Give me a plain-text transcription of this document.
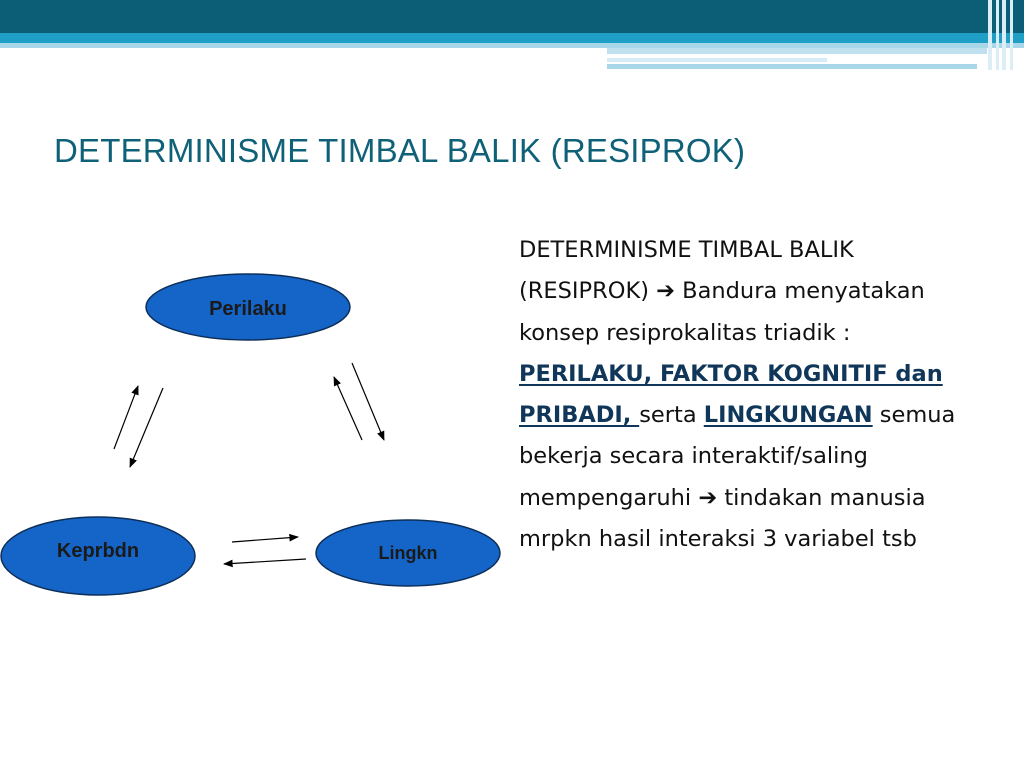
DETERMINISME TIMBAL BALIK (RESIPROK)
Perilaku
Keprbdn	Lingkn
DETERMINISME TIMBAL BALIK (RESIPROK) ➔ Bandura menyatakan konsep resiprokalitas triadik : PERILAKU, FAKTOR KOGNITIF dan PRIBADI, serta LINGKUNGAN semua bekerja secara interaktif/saling mempengaruhi ➔ tindakan manusia mrpkn hasil interaksi 3 variabel tsb
